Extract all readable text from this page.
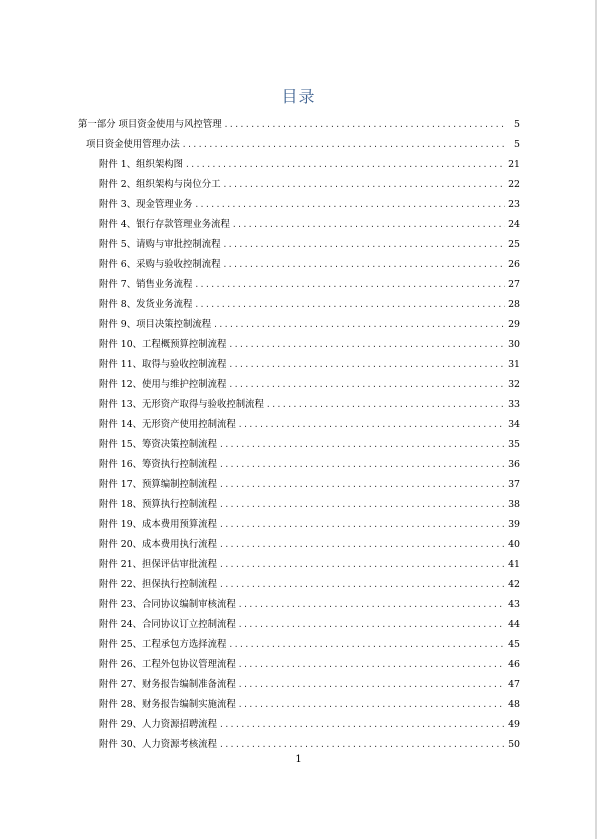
目录
第一部分 项目资金使用与风控管理 .....	5
项目资金使用管理办法 .....	5
附件 1、组织架构图 .....	21
附件 2、组织架构与岗位分工 .....	22
附件 3、现金管理业务 .....	23
附件 4、银行存款管理业务流程 .....	24
附件 5、请购与审批控制流程 .....	25
附件 6、采购与验收控制流程 .....	26
附件 7、销售业务流程 .....	27
附件 8、发货业务流程 .....	28
附件 9、项目决策控制流程 .....	29
附件 10、工程概预算控制流程 .....	30
附件 11、取得与验收控制流程 .....	31
附件 12、使用与维护控制流程 .....	32
附件 13、无形资产取得与验收控制流程 .....	33
附件 14、无形资产使用控制流程 .....	34
附件 15、筹资决策控制流程 .....	35
附件 16、筹资执行控制流程 .....	36
附件 17、预算编制控制流程 .....	37
附件 18、预算执行控制流程 .....	38
附件 19、成本费用预算流程 .....	39
附件 20、成本费用执行流程 .....	40
附件 21、担保评估审批流程 .....	41
附件 22、担保执行控制流程 .....	42
附件 23、合同协议编制审核流程 .....	43
附件 24、合同协议订立控制流程 .....	44
附件 25、工程承包方选择流程 .....	45
附件 26、工程外包协议管理流程 .....	46
附件 27、财务报告编制准备流程 .....	47
附件 28、财务报告编制实施流程 .....	48
附件 29、人力资源招聘流程 .....	49
附件 30、人力资源考核流程 .....	50
1
